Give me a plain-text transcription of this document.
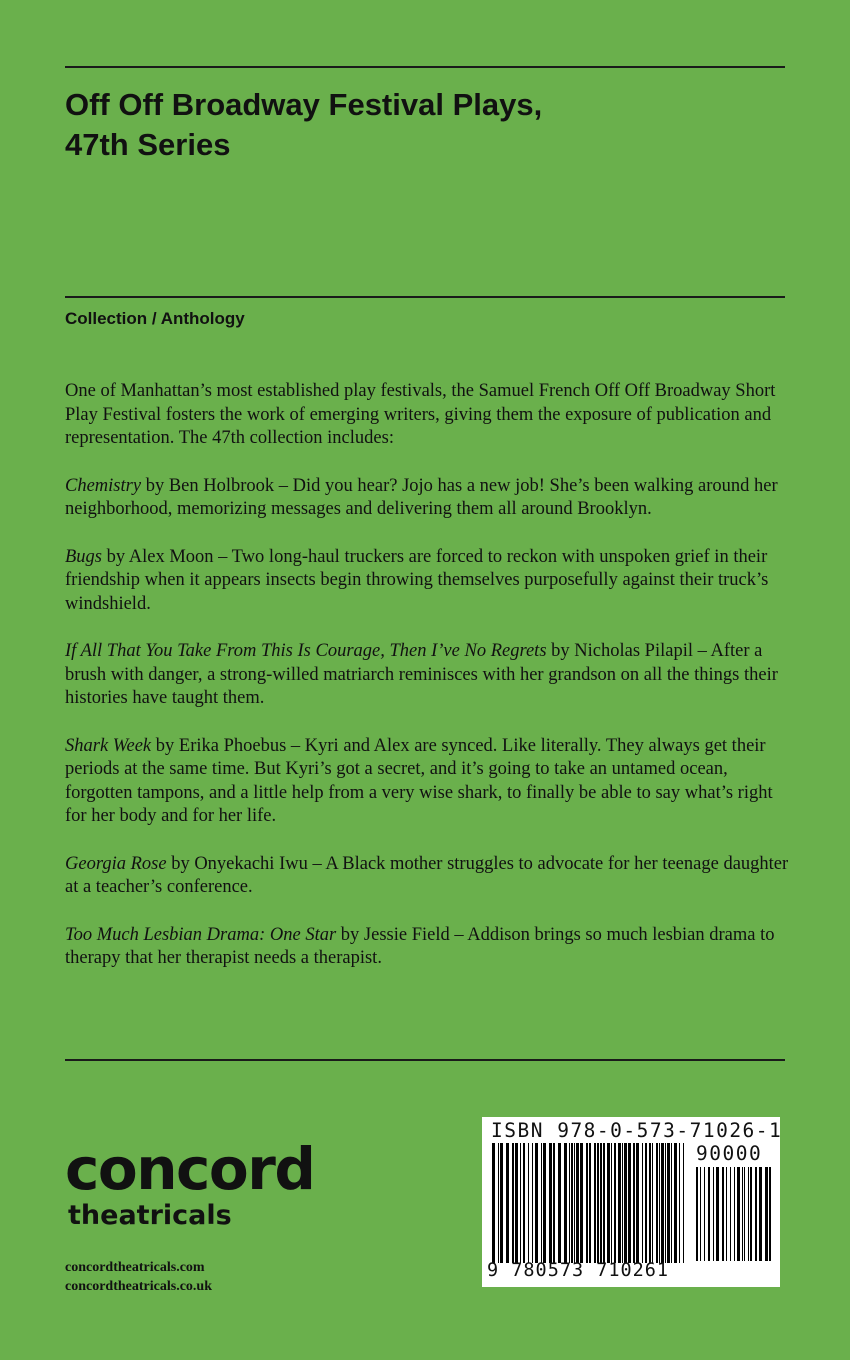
Off Off Broadway Festival Plays,
47th Series

Collection / Anthology

One of Manhattan’s most established play festivals, the Samuel French Off Off Broadway Short Play Festival fosters the work of emerging writers, giving them the exposure of publication and representation. The 47th collection includes:

Chemistry by Ben Holbrook – Did you hear? Jojo has a new job! She’s been walking around her neighborhood, memorizing messages and delivering them all around Brooklyn.

Bugs by Alex Moon – Two long-haul truckers are forced to reckon with unspoken grief in their friendship when it appears insects begin throwing themselves purposefully against their truck’s windshield.

If All That You Take From This Is Courage, Then I’ve No Regrets by Nicholas Pilapil – After a brush with danger, a strong-willed matriarch reminisces with her grandson on all the things their histories have taught them.

Shark Week by Erika Phoebus – Kyri and Alex are synced. Like literally. They always get their periods at the same time. But Kyri’s got a secret, and it’s going to take an untamed ocean, forgotten tampons, and a little help from a very wise shark, to finally be able to say what’s right for her body and for her life.

Georgia Rose by Onyekachi Iwu – A Black mother struggles to advocate for her teenage daughter at a teacher’s conference.

Too Much Lesbian Drama: One Star by Jessie Field – Addison brings so much lesbian drama to therapy that her therapist needs a therapist.

concord
theatricals
concordtheatricals.com
concordtheatricals.co.uk
ISBN 978-0-573-71026-1
90000
9 780573 710261
